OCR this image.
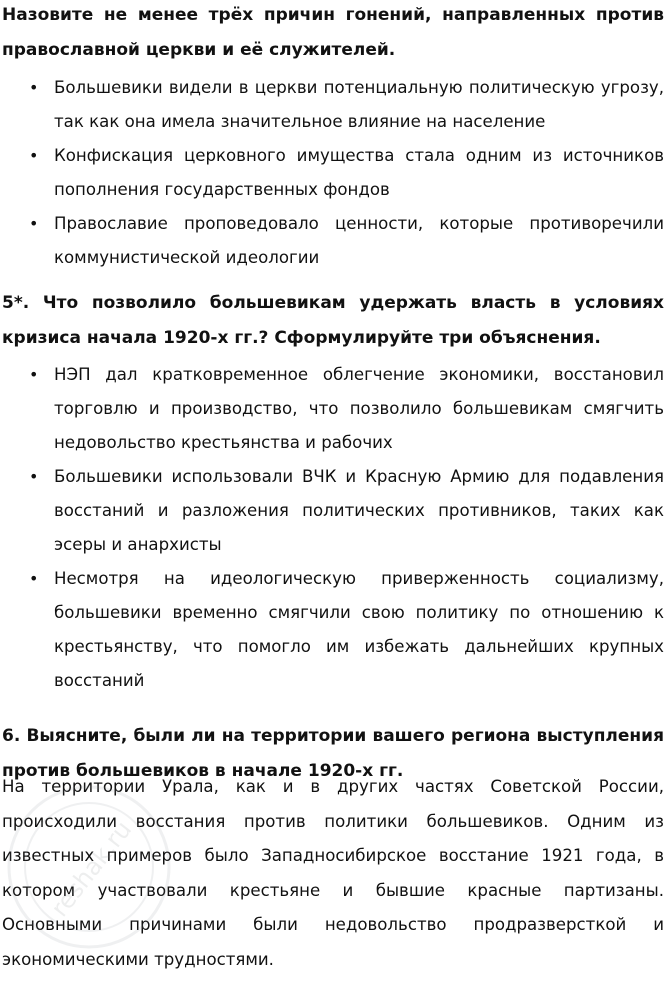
Назовите не менее трёх причин гонений, направленных против православной церкви и её служителей.

• Большевики видели в церкви потенциальную политическую угрозу, так как она имела значительное влияние на население
• Конфискация церковного имущества стала одним из источников пополнения государственных фондов
• Православие проповедовало ценности, которые противоречили коммунистической идеологии

5*. Что позволило большевикам удержать власть в условиях кризиса начала 1920-х гг.? Сформулируйте три объяснения.

• НЭП дал кратковременное облегчение экономики, восстановил торговлю и производство, что позволило большевикам смягчить недовольство крестьянства и рабочих
• Большевики использовали ВЧК и Красную Армию для подавления восстаний и разложения политических противников, таких как эсеры и анархисты
• Несмотря на идеологическую приверженность социализму, большевики временно смягчили свою политику по отношению к крестьянству, что помогло им избежать дальнейших крупных восстаний

6. Выясните, были ли на территории вашего региона выступления против большевиков в начале 1920-х гг.

На территории Урала, как и в других частях Советской России, происходили восстания против политики большевиков. Одним из известных примеров было Западносибирское восстание 1921 года, в котором участвовали крестьяне и бывшие красные партизаны. Основными причинами были недовольство продразверсткой и экономическими трудностями.

reshak.ru
